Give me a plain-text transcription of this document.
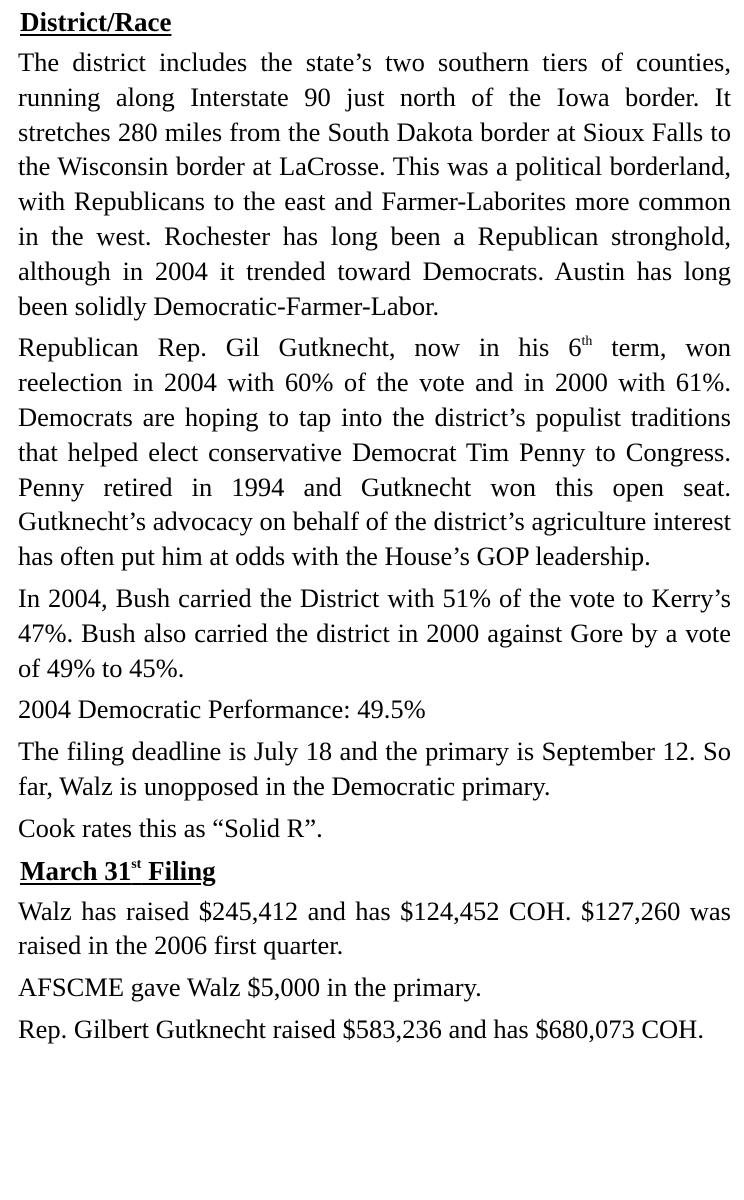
District/Race

The district includes the state’s two southern tiers of counties, running along Interstate 90 just north of the Iowa border. It stretches 280 miles from the South Dakota border at Sioux Falls to the Wisconsin border at LaCrosse. This was a political borderland, with Republicans to the east and Farmer-Laborites more common in the west. Rochester has long been a Republican stronghold, although in 2004 it trended toward Democrats. Austin has long been solidly Democratic-Farmer-Labor.

Republican Rep. Gil Gutknecht, now in his 6th term, won reelection in 2004 with 60% of the vote and in 2000 with 61%. Democrats are hoping to tap into the district’s populist traditions that helped elect conservative Democrat Tim Penny to Congress. Penny retired in 1994 and Gutknecht won this open seat. Gutknecht’s advocacy on behalf of the district’s agriculture interest has often put him at odds with the House’s GOP leadership.

In 2004, Bush carried the District with 51% of the vote to Kerry’s 47%. Bush also carried the district in 2000 against Gore by a vote of 49% to 45%.

2004 Democratic Performance: 49.5%

The filing deadline is July 18 and the primary is September 12. So far, Walz is unopposed in the Democratic primary.

Cook rates this as “Solid R”.

March 31st Filing

Walz has raised $245,412 and has $124,452 COH. $127,260 was raised in the 2006 first quarter.

AFSCME gave Walz $5,000 in the primary.

Rep. Gilbert Gutknecht raised $583,236 and has $680,073 COH.
